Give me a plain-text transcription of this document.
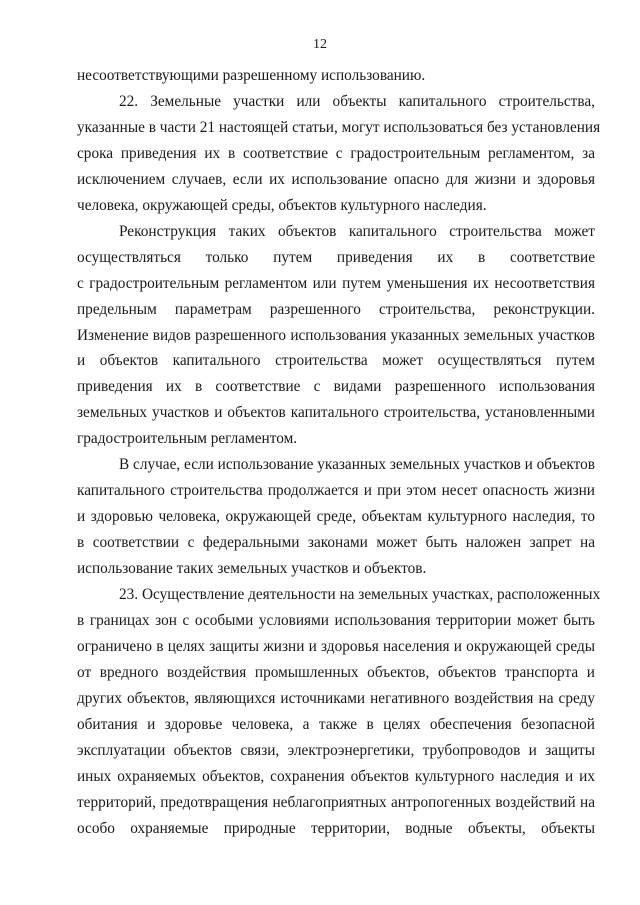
12
несоответствующими разрешенному использованию.
22. Земельные участки или объекты капитального строительства,
указанные в части 21 настоящей статьи, могут использоваться без установления
срока приведения их в соответствие с градостроительным регламентом, за
исключением случаев, если их использование опасно для жизни и здоровья
человека, окружающей среды, объектов культурного наследия.
Реконструкция таких объектов капитального строительства может
осуществляться только путем приведения их в соответствие
с градостроительным регламентом или путем уменьшения их несоответствия
предельным параметрам разрешенного строительства, реконструкции.
Изменение видов разрешенного использования указанных земельных участков
и объектов капитального строительства может осуществляться путем
приведения их в соответствие с видами разрешенного использования
земельных участков и объектов капитального строительства, установленными
градостроительным регламентом.
В случае, если использование указанных земельных участков и объектов
капитального строительства продолжается и при этом несет опасность жизни
и здоровью человека, окружающей среде, объектам культурного наследия, то
в соответствии с федеральными законами может быть наложен запрет на
использование таких земельных участков и объектов.
23. Осуществление деятельности на земельных участках, расположенных
в границах зон с особыми условиями использования территории может быть
ограничено в целях защиты жизни и здоровья населения и окружающей среды
от вредного воздействия промышленных объектов, объектов транспорта и
других объектов, являющихся источниками негативного воздействия на среду
обитания и здоровье человека, а также в целях обеспечения безопасной
эксплуатации объектов связи, электроэнергетики, трубопроводов и защиты
иных охраняемых объектов, сохранения объектов культурного наследия и их
территорий, предотвращения неблагоприятных антропогенных воздействий на
особо охраняемые природные территории, водные объекты, объекты
